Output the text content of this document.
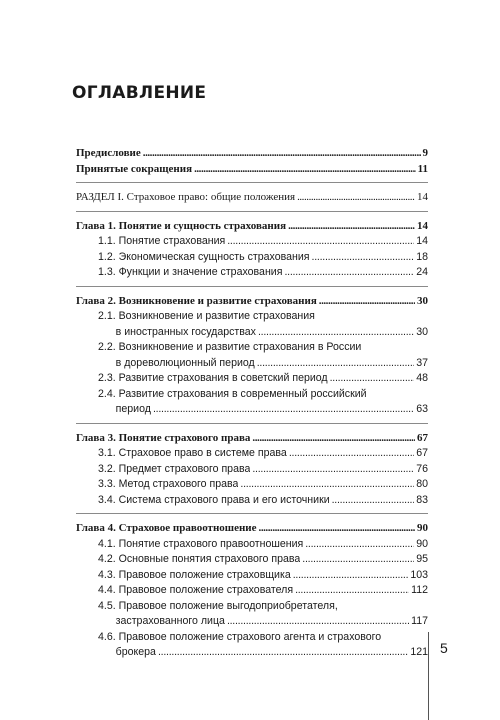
ОГЛАВЛЕНИЕ
Предисловие . . .	9
Принятые сокращения . . .	11
РАЗДЕЛ I. Страховое право: общие положения . . .	14
Глава 1. Понятие и сущность страхования . . .	14
1.1. Понятие страхования . . .	14
1.2. Экономическая сущность страхования . . .	18
1.3. Функции и значение страхования . . .	24
Глава 2. Возникновение и развитие страхования . . .	30
2.1. Возникновение и развитие страхования
в иностранных государствах . . .	30
2.2. Возникновение и развитие страхования в России
в дореволюционный период . . .	37
2.3. Развитие страхования в советский период . . .	48
2.4. Развитие страхования в современный российский
период . . .	63
Глава 3. Понятие страхового права . . .	67
3.1. Страховое право в системе права . . .	67
3.2. Предмет страхового права . . .	76
3.3. Метод страхового права . . .	80
3.4. Система страхового права и его источники . . .	83
Глава 4. Страховое правоотношение . . .	90
4.1. Понятие страхового правоотношения . . .	90
4.2. Основные понятия страхового права . . .	95
4.3. Правовое положение страховщика . . .	103
4.4. Правовое положение страхователя . . .	112
4.5. Правовое положение выгодоприобретателя,
застрахованного лица . . .	117
4.6. Правовое положение страхового агента и страхового
брокера . . .	121 5
